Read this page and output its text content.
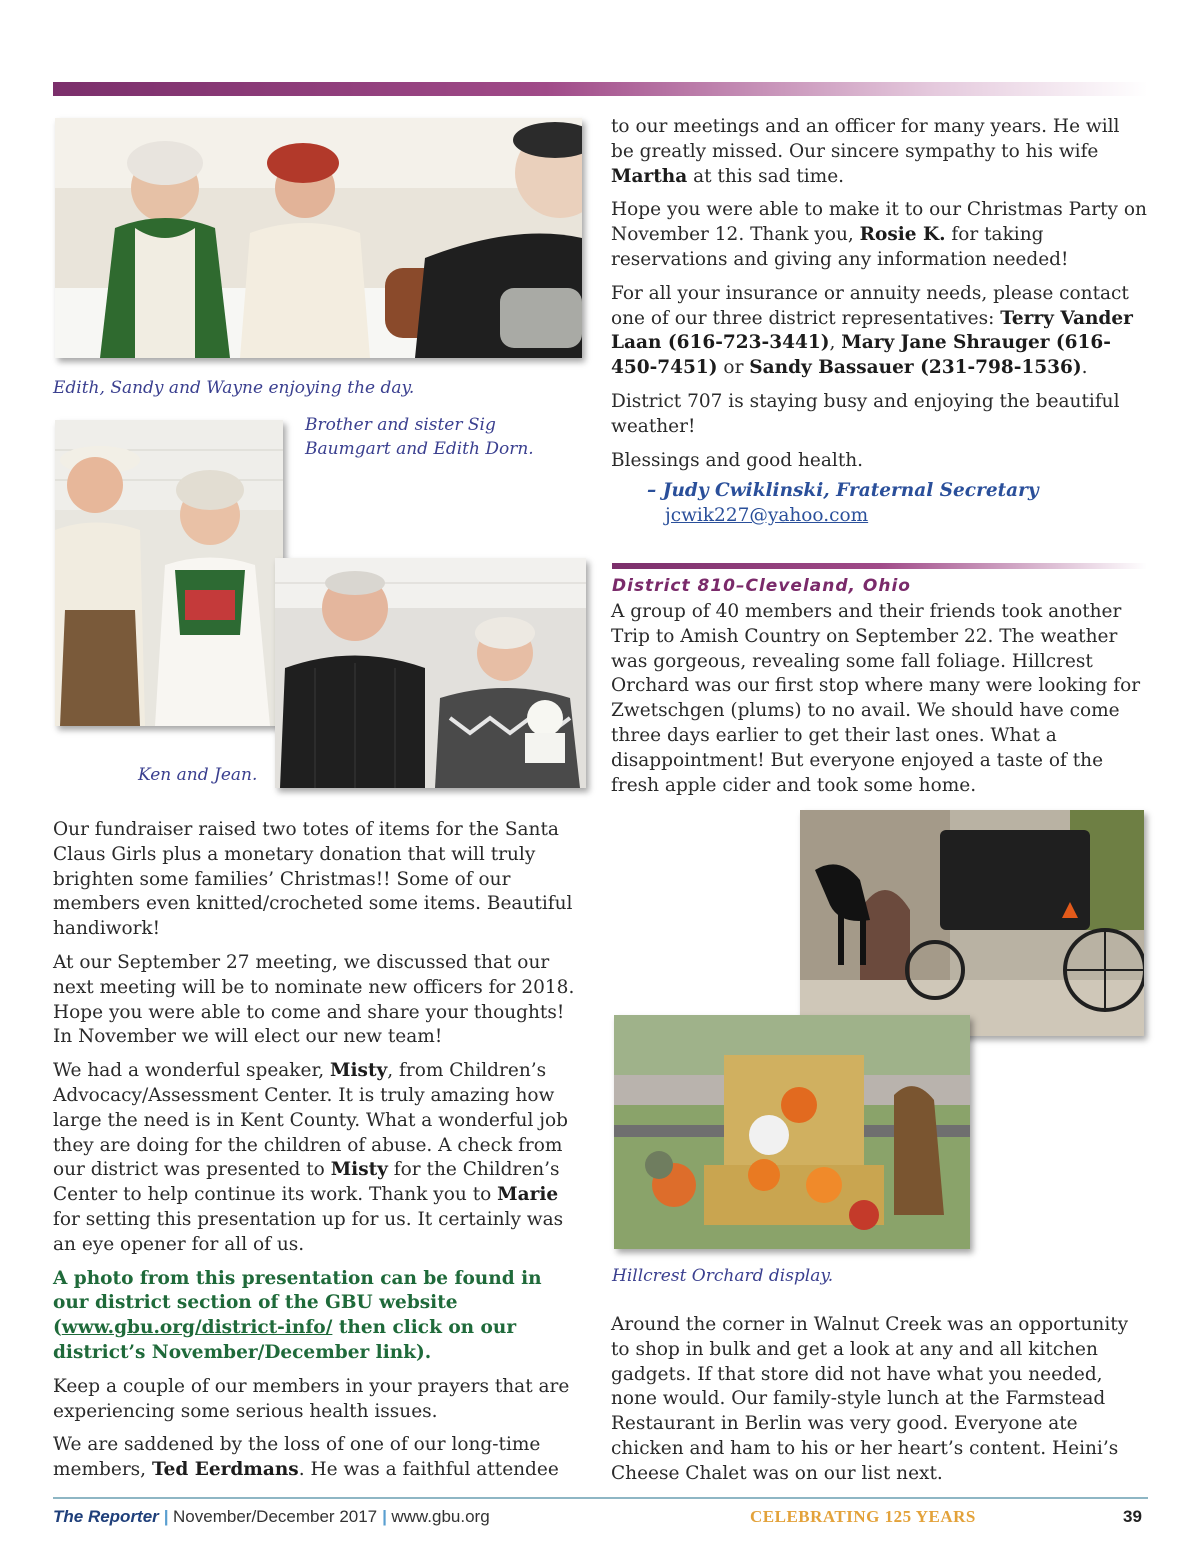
Edith, Sandy and Wayne enjoying the day.
Brother and sister Sig Baumgart and Edith Dorn.
Ken and Jean.

Our fundraiser raised two totes of items for the Santa Claus Girls plus a monetary donation that will truly brighten some families’ Christmas!! Some of our members even knitted/crocheted some items. Beautiful handiwork!

At our September 27 meeting, we discussed that our next meeting will be to nominate new officers for 2018. Hope you were able to come and share your thoughts! In November we will elect our new team!

We had a wonderful speaker, Misty, from Children’s Advocacy/Assessment Center. It is truly amazing how large the need is in Kent County. What a wonderful job they are doing for the children of abuse. A check from our district was presented to Misty for the Children’s Center to help continue its work. Thank you to Marie for setting this presentation up for us. It certainly was an eye opener for all of us.

A photo from this presentation can be found in our district section of the GBU website (www.gbu.org/district-info/ then click on our district’s November/December link).

Keep a couple of our members in your prayers that are experiencing some serious health issues.

We are saddened by the loss of one of our long-time members, Ted Eerdmans. He was a faithful attendee

to our meetings and an officer for many years. He will be greatly missed. Our sincere sympathy to his wife Martha at this sad time.

Hope you were able to make it to our Christmas Party on November 12. Thank you, Rosie K. for taking reservations and giving any information needed!

For all your insurance or annuity needs, please contact one of our three district representatives: Terry Vander Laan (616-723-3441), Mary Jane Shrauger (616-450-7451) or Sandy Bassauer (231-798-1536).

District 707 is staying busy and enjoying the beautiful weather!

Blessings and good health.

– Judy Cwiklinski, Fraternal Secretary
jcwik227@yahoo.com
District 810–Cleveland, Ohio

A group of 40 members and their friends took another Trip to Amish Country on September 22. The weather was gorgeous, revealing some fall foliage. Hillcrest Orchard was our first stop where many were looking for Zwetschgen (plums) to no avail. We should have come three days earlier to get their last ones. What a disappointment! But everyone enjoyed a taste of the fresh apple cider and took some home.

Hillcrest Orchard display.

Around the corner in Walnut Creek was an opportunity to shop in bulk and get a look at any and all kitchen gadgets. If that store did not have what you needed, none would. Our family-style lunch at the Farmstead Restaurant in Berlin was very good. Everyone ate chicken and ham to his or her heart’s content. Heini’s Cheese Chalet was on our list next.

The Reporter | November/December 2017 | www.gbu.org	CELEBRATING 125 YEARS	39
